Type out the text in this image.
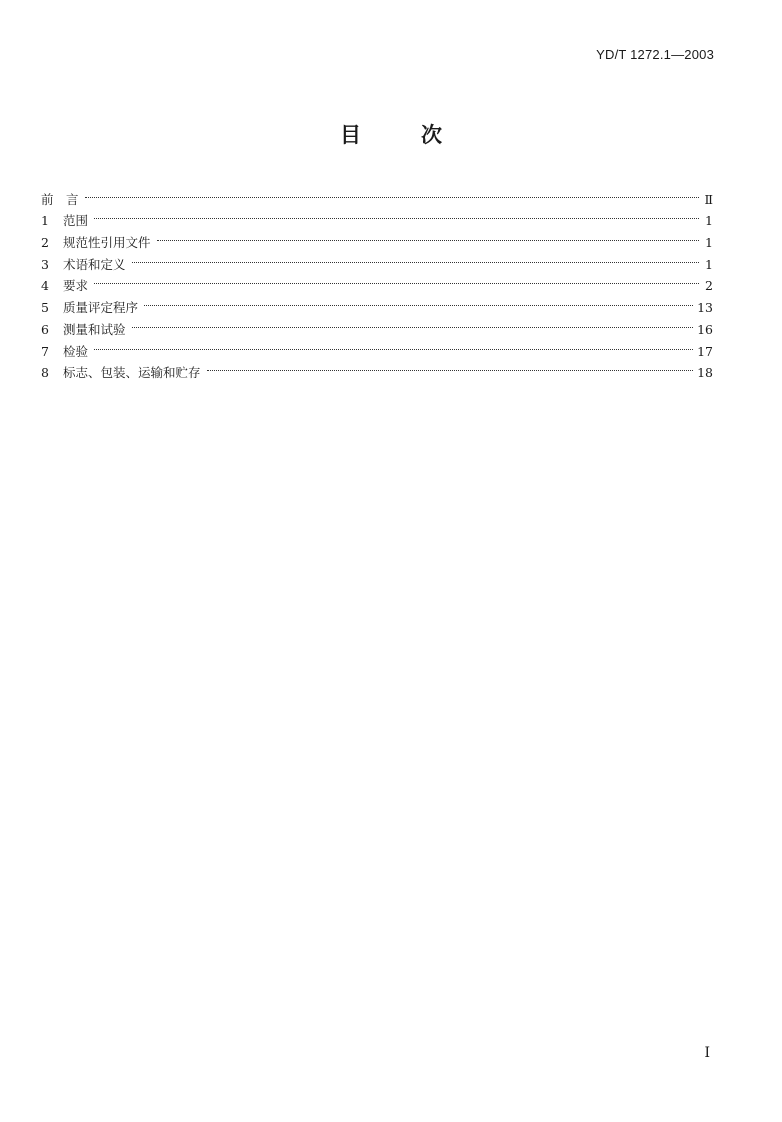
YD/T 1272.1—2003
目	次
前　言	Ⅱ
1	范围	1
2	规范性引用文件	1
3	术语和定义	1
4	要求	2
5	质量评定程序	13
6	测量和试验	16
7	检验	17
8	标志、包装、运输和贮存	18
I
